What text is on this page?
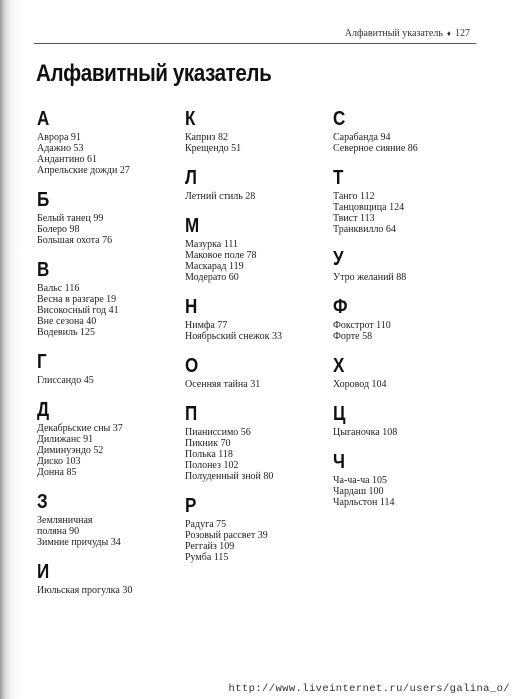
Алфавитный указатель ♦ 127
Алфавитный указатель
А
Аврора 91
Адажио 53
Андантино 61
Апрельские дожди 27
Б
Белый танец 99
Болеро 98
Большая охота 76
В
Вальс 116
Весна в разгаре 19
Високосный год 41
Вне сезона 40
Водевиль 125
Г
Глиссандо 45
Д
Декабрьские сны 37
Дилижанс 91
Диминуэндо 52
Диско 103
Донна 85
З
Земляничная
поляна 90
Зимние причуды 34
И
Июльская прогулка 30
К
Каприз 82
Крещендо 51
Л
Летний стиль 28
М
Мазурка 111
Маковое поле 78
Маскарад 119
Модерато 60
Н
Нимфа 77
Ноябрьский снежок 33
О
Осенняя тайна 31
П
Пианиссимо 56
Пикник 70
Полька 118
Полонез 102
Полуденный зной 80
Р
Радуга 75
Розовый рассвет 39
Реггайз 109
Румба 115
С
Сарабанда 94
Северное сияние 86
Т
Танго 112
Танцовщица 124
Твист 113
Транквилло 64
У
Утро желаний 88
Ф
Фокстрот 110
Форте 58
Х
Хоровод 104
Ц
Цыганочка 108
Ч
Ча-ча-ча 105
Чардаш 100
Чарльстон 114
http://www.liveinternet.ru/users/galina_o/
